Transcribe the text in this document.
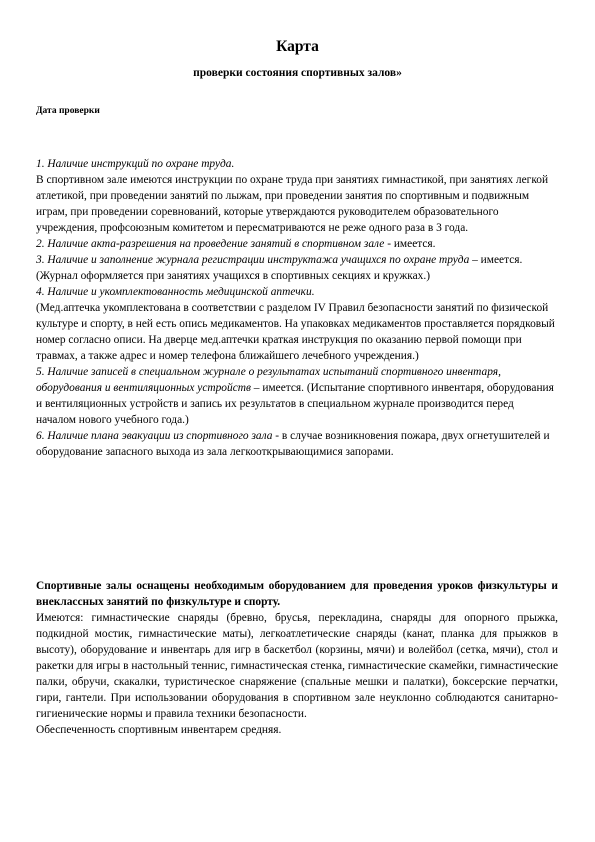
Карта
проверки состояния спортивных залов»
Дата проверки

1. Наличие инструкций по охране труда.
В спортивном зале имеются инструкции по охране труда при занятиях гимнастикой, при занятиях легкой атлетикой, при проведении занятий по лыжам, при проведении занятия по спортивным и подвижным играм, при проведении соревнований, которые утверждаются руководителем образовательного учреждения, профсоюзным комитетом и пересматриваются не реже одного раза в 3 года.

2. Наличие акта-разрешения на проведение занятий в спортивном зале - имеется.

3. Наличие и заполнение журнала регистрации инструктажа учащихся по охране труда – имеется. (Журнал оформляется при занятиях учащихся в спортивных секциях и кружках.)

4. Наличие и укомплектованность медицинской аптечки.
(Мед.аптечка укомплектована в соответствии с разделом IV Правил безопасности занятий по физической культуре и спорту, в ней есть опись медикаментов. На упаковках медикаментов проставляется порядковый номер согласно описи. На дверце мед.аптечки краткая инструкция по оказанию первой помощи при травмах, а также адрес и номер телефона ближайшего лечебного учреждения.)

5. Наличие записей в специальном журнале о результатах испытаний спортивного инвентаря, оборудования и вентиляционных устройств – имеется. (Испытание спортивного инвентаря, оборудования и вентиляционных устройств и запись их результатов в специальном журнале производится перед началом нового учебного года.)

6. Наличие плана эвакуации из спортивного зала - в случае возникновения пожара, двух огнетушителей и оборудование запасного выхода из зала легкооткрывающимися запорами.

Спортивные залы оснащены необходимым оборудованием для проведения уроков физкультуры и внеклассных занятий по физкультуре и спорту.

Имеются: гимнастические снаряды (бревно, брусья, перекладина, снаряды для опорного прыжка, подкидной мостик, гимнастические маты), легкоатлетические снаряды (канат, планка для прыжков в высоту), оборудование и инвентарь для игр в баскетбол (корзины, мячи) и волейбол (сетка, мячи), стол и ракетки для игры в настольный теннис, гимнастическая стенка, гимнастические скамейки, гимнастические палки, обручи, скакалки, туристическое снаряжение (спальные мешки и палатки), боксерские перчатки, гири, гантели. При использовании оборудования в спортивном зале неуклонно соблюдаются санитарно- гигиенические нормы и правила техники безопасности.

Обеспеченность спортивным инвентарем средняя.
